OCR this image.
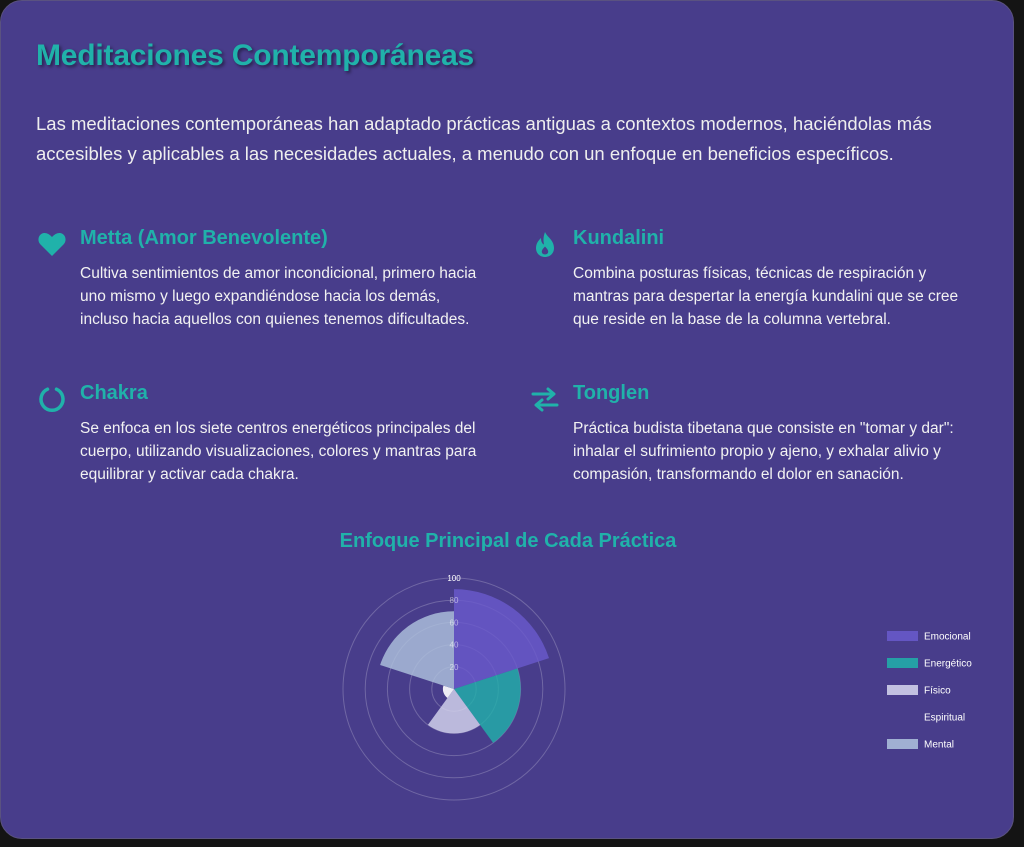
Meditaciones Contemporáneas

Las meditaciones contemporáneas han adaptado prácticas antiguas a contextos modernos, haciéndolas más accesibles y aplicables a las necesidades actuales, a menudo con un enfoque en beneficios específicos.

Metta (Amor Benevolente)

Cultiva sentimientos de amor incondicional, primero hacia uno mismo y luego expandiéndose hacia los demás, incluso hacia aquellos con quienes tenemos dificultades.

Kundalini

Combina posturas físicas, técnicas de respiración y mantras para despertar la energía kundalini que se cree que reside en la base de la columna vertebral.

Chakra

Se enfoca en los siete centros energéticos principales del cuerpo, utilizando visualizaciones, colores y mantras para equilibrar y activar cada chakra.

Tonglen

Práctica budista tibetana que consiste en "tomar y dar": inhalar el sufrimiento propio y ajeno, y exhalar alivio y compasión, transformando el dolor en sanación.

Enfoque Principal de Cada Práctica
20
40
60
80
100
Emocional
Energético
Físico
Espiritual
Mental
